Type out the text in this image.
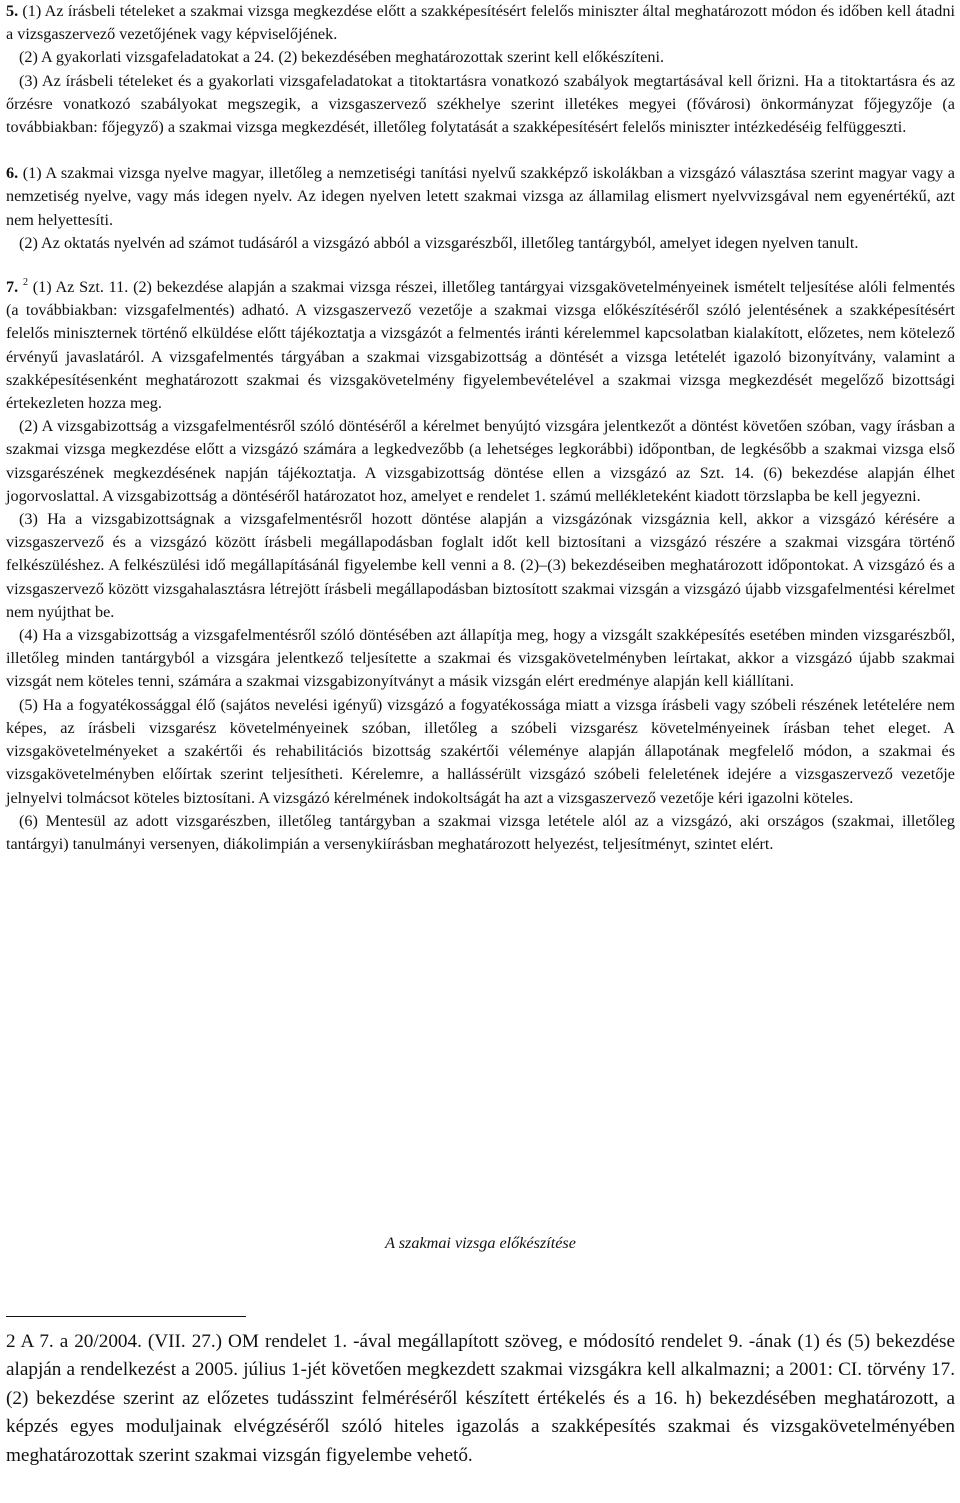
5. (1) Az írásbeli tételeket a szakmai vizsga megkezdése előtt a szakképesítésért felelős miniszter által meghatározott módon és időben kell átadni a vizsgaszervező vezetőjének vagy képviselőjének.

(2) A gyakorlati vizsgafeladatokat a 24. (2) bekezdésében meghatározottak szerint kell előkészíteni.

(3) Az írásbeli tételeket és a gyakorlati vizsgafeladatokat a titoktartásra vonatkozó szabályok megtartásával kell őrizni. Ha a titoktartásra és az őrzésre vonatkozó szabályokat megszegik, a vizsgaszervező székhelye szerint illetékes megyei (fővárosi) önkormányzat főjegyzője (a továbbiakban: főjegyző) a szakmai vizsga megkezdését, illetőleg folytatását a szakképesítésért felelős miniszter intézkedéséig felfüggeszti.

6. (1) A szakmai vizsga nyelve magyar, illetőleg a nemzetiségi tanítási nyelvű szakképző iskolákban a vizsgázó választása szerint magyar vagy a nemzetiség nyelve, vagy más idegen nyelv. Az idegen nyelven letett szakmai vizsga az államilag elismert nyelvvizsgával nem egyenértékű, azt nem helyettesíti.

(2) Az oktatás nyelvén ad számot tudásáról a vizsgázó abból a vizsgarészből, illetőleg tantárgyból, amelyet idegen nyelven tanult.

7. $^2$ (1) Az Szt. 11. (2) bekezdése alapján a szakmai vizsga részei, illetőleg tantárgyai vizsgakövetelményeinek ismételt teljesítése alóli felmentés (a továbbiakban: vizsgafelmentés) adható. A vizsgaszervező vezetője a szakmai vizsga előkészítéséről szóló jelentésének a szakképesítésért felelős miniszternek történő elküldése előtt tájékoztatja a vizsgázót a felmentés iránti kérelemmel kapcsolatban kialakított, előzetes, nem kötelező érvényű javaslatáról. A vizsgafelmentés tárgyában a szakmai vizsgabizottság a döntését a vizsga letételét igazoló bizonyítvány, valamint a szakképesítésenként meghatározott szakmai és vizsgakövetelmény figyelembevételével a szakmai vizsga megkezdését megelőző bizottsági értekezleten hozza meg.

(2) A vizsgabizottság a vizsgafelmentésről szóló döntéséről a kérelmet benyújtó vizsgára jelentkezőt a döntést követően szóban, vagy írásban a szakmai vizsga megkezdése előtt a vizsgázó számára a legkedvezőbb (a lehetséges legkorábbi) időpontban, de legkésőbb a szakmai vizsga első vizsgarészének megkezdésének napján tájékoztatja. A vizsgabizottság döntése ellen a vizsgázó az Szt. 14. (6) bekezdése alapján élhet jogorvoslattal. A vizsgabizottság a döntéséről határozatot hoz, amelyet e rendelet 1. számú mellékleteként kiadott törzslapba be kell jegyezni.

(3) Ha a vizsgabizottságnak a vizsgafelmentésről hozott döntése alapján a vizsgázónak vizsgáznia kell, akkor a vizsgázó kérésére a vizsgaszervező és a vizsgázó között írásbeli megállapodásban foglalt időt kell biztosítani a vizsgázó részére a szakmai vizsgára történő felkészüléshez. A felkészülési idő megállapításánál figyelembe kell venni a 8. (2)–(3) bekezdéseiben meghatározott időpontokat. A vizsgázó és a vizsgaszervező között vizsgahalasztásra létrejött írásbeli megállapodásban biztosított szakmai vizsgán a vizsgázó újabb vizsgafelmentési kérelmet nem nyújthat be.

(4) Ha a vizsgabizottság a vizsgafelmentésről szóló döntésében azt állapítja meg, hogy a vizsgált szakképesítés esetében minden vizsgarészből, illetőleg minden tantárgyból a vizsgára jelentkező teljesítette a szakmai és vizsgakövetelményben leírtakat, akkor a vizsgázó újabb szakmai vizsgát nem köteles tenni, számára a szakmai vizsgabizonyítványt a másik vizsgán elért eredménye alapján kell kiállítani.

(5) Ha a fogyatékossággal élő (sajátos nevelési igényű) vizsgázó a fogyatékossága miatt a vizsga írásbeli vagy szóbeli részének letételére nem képes, az írásbeli vizsgarész követelményeinek szóban, illetőleg a szóbeli vizsgarész követelményeinek írásban tehet eleget. A vizsgakövetelményeket a szakértői és rehabilitációs bizottság szakértői véleménye alapján állapotának megfelelő módon, a szakmai és vizsgakövetelményben előírtak szerint teljesítheti. Kérelemre, a hallássérült vizsgázó szóbeli feleletének idejére a vizsgaszervező vezetője jelnyelvi tolmácsot köteles biztosítani. A vizsgázó kérelmének indokoltságát ha azt a vizsgaszervező vezetője kéri igazolni köteles.

(6) Mentesül az adott vizsgarészben, illetőleg tantárgyban a szakmai vizsga letétele alól az a vizsgázó, aki országos (szakmai, illetőleg tantárgyi) tanulmányi versenyen, diákolimpián a versenykiírásban meghatározott helyezést, teljesítményt, szintet elért.

A szakmai vizsga előkészítése

2 A 7. a 20/2004. (VII. 27.) OM rendelet 1. -ával megállapított szöveg, e módosító rendelet 9. -ának (1) és (5) bekezdése alapján a rendelkezést a 2005. július 1-jét követően megkezdett szakmai vizsgákra kell alkalmazni; a 2001: CI. törvény 17. (2) bekezdése szerint az előzetes tudásszint felméréséről készített értékelés és a 16. h) bekezdésében meghatározott, a képzés egyes moduljainak elvégzéséről szóló hiteles igazolás a szakképesítés szakmai és vizsgakövetelményében meghatározottak szerint szakmai vizsgán figyelembe vehető.
